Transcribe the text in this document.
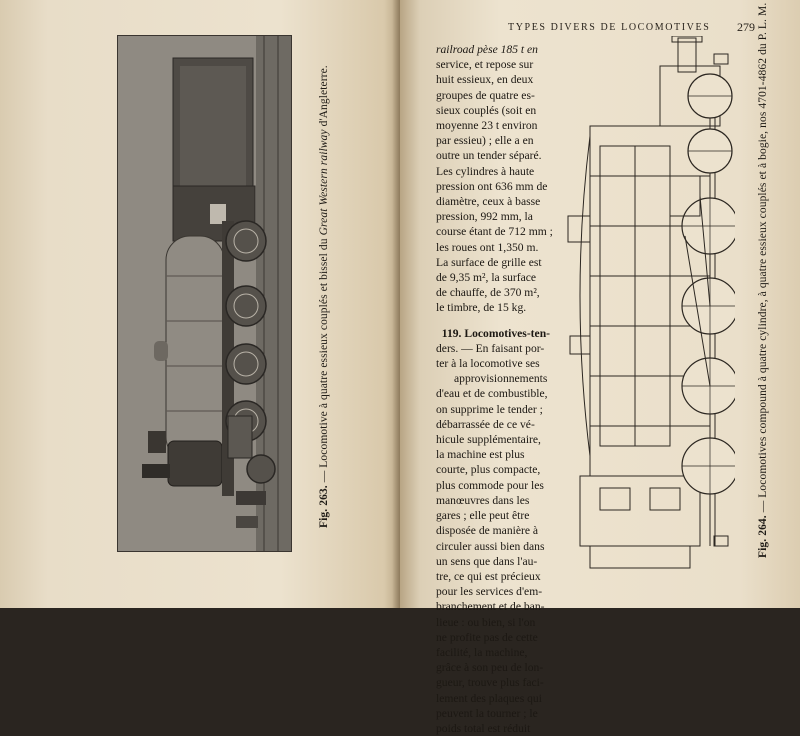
Fig. 263. — Locomotive à quatre essieux couplés et bissel du Great Western railway d'Angleterre.
TYPES DIVERS DE LOCOMOTIVES 279
railroad pèse 185 t en
service, et repose sur
huit essieux, en deux
groupes de quatre es-
sieux couplés (soit en
moyenne 23 t environ
par essieu) ; elle a en
outre un tender séparé.
Les cylindres à haute
pression ont 636 mm de
diamètre, ceux à basse
pression, 992 mm, la
course étant de 712 mm ;
les roues ont 1,350 m.
La surface de grille est
de 9,35 m², la surface
de chauffe, de 370 m²,
le timbre, de 15 kg.
119. Locomotives-ten-
ders. — En faisant por-
ter à la locomotive ses
approvisionnements
d'eau et de combustible,
on supprime le tender ;
débarrassée de ce vé-
hicule supplémentaire,
la machine est plus
courte, plus compacte,
plus commode pour les
manœuvres dans les
gares ; elle peut être
disposée de manière à
circuler aussi bien dans
un sens que dans l'au-
tre, ce qui est précieux
pour les services d'em-
branchement et de ban-
lieue : ou bien, si l'on
ne profite pas de cette
facilité, la machine,
grâce à son peu de lon-
gueur, trouve plus faci-
lement des plaques qui
peuvent la tourner ; le
poids total est réduit
Fig. 264. — Locomotives compound à quatre cylindre, à quatre essieux couplés et à bogie, nos 4701-4862 du P. L. M.
